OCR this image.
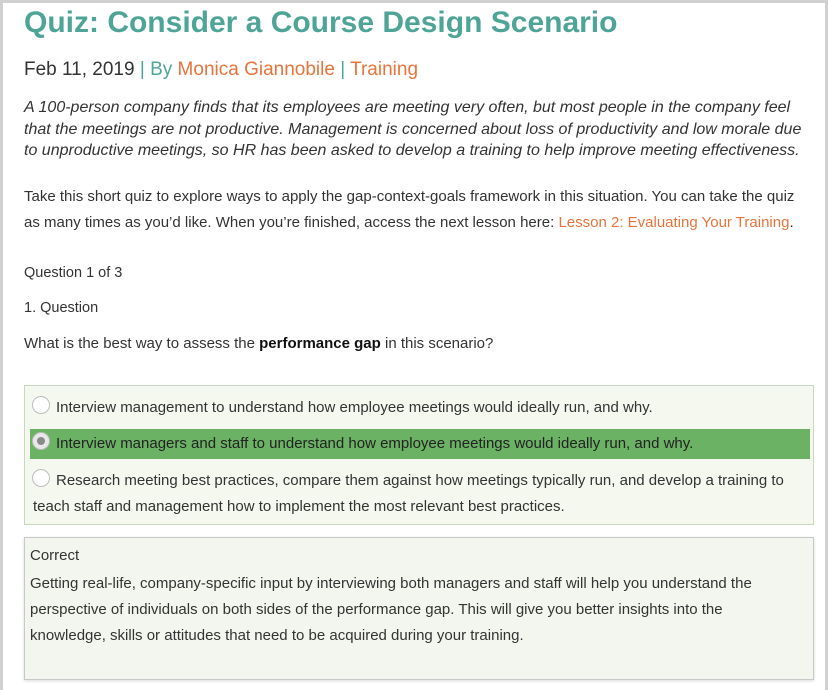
Quiz: Consider a Course Design Scenario
Feb 11, 2019 | By Monica Giannobile | Training
A 100-person company finds that its employees are meeting very often, but most people in the company feel that the meetings are not productive. Management is concerned about loss of productivity and low morale due to unproductive meetings, so HR has been asked to develop a training to help improve meeting effectiveness.
Take this short quiz to explore ways to apply the gap-context-goals framework in this situation. You can take the quiz as many times as you’d like. When you’re finished, access the next lesson here: Lesson 2: Evaluating Your Training.
Question 1 of 3
1. Question
What is the best way to assess the performance gap in this scenario?
Interview management to understand how employee meetings would ideally run, and why.
Interview managers and staff to understand how employee meetings would ideally run, and why.
Research meeting best practices, compare them against how meetings typically run, and develop a training to teach staff and management how to implement the most relevant best practices.
Correct
Getting real-life, company-specific input by interviewing both managers and staff will help you understand the perspective of individuals on both sides of the performance gap. This will give you better insights into the knowledge, skills or attitudes that need to be acquired during your training.
